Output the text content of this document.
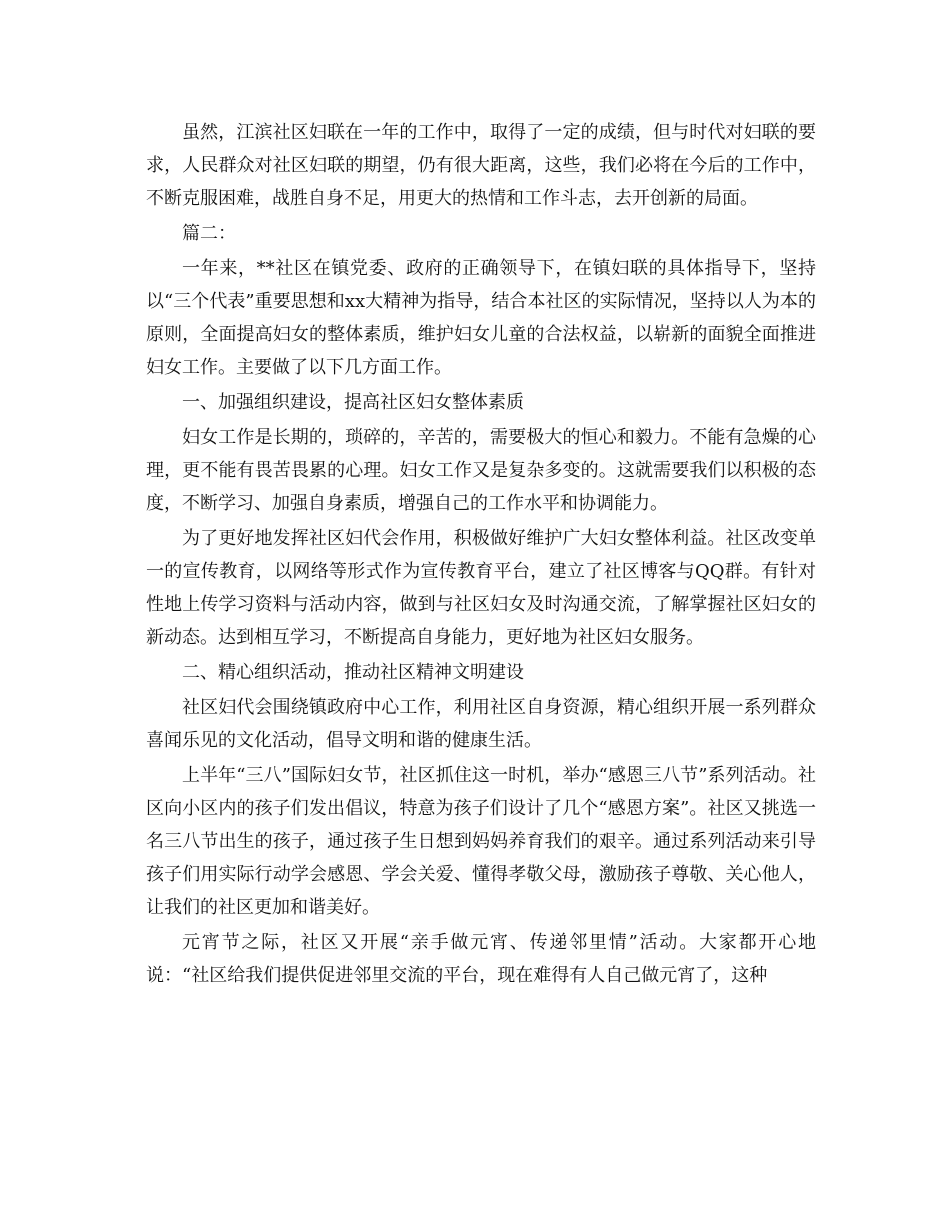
虽然，江滨社区妇联在一年的工作中，取得了一定的成绩，但与时代对妇联的要求，人民群众对社区妇联的期望，仍有很大距离，这些，我们必将在今后的工作中，不断克服困难，战胜自身不足，用更大的热情和工作斗志，去开创新的局面。

篇二：

一年来，**社区在镇党委、政府的正确领导下，在镇妇联的具体指导下，坚持以“三个代表”重要思想和xx大精神为指导，结合本社区的实际情况，坚持以人为本的原则，全面提高妇女的整体素质，维护妇女儿童的合法权益，以崭新的面貌全面推进妇女工作。主要做了以下几方面工作。

一、加强组织建设，提高社区妇女整体素质

妇女工作是长期的，琐碎的，辛苦的，需要极大的恒心和毅力。不能有急燥的心理，更不能有畏苦畏累的心理。妇女工作又是复杂多变的。这就需要我们以积极的态度，不断学习、加强自身素质，增强自己的工作水平和协调能力。

为了更好地发挥社区妇代会作用，积极做好维护广大妇女整体利益。社区改变单一的宣传教育，以网络等形式作为宣传教育平台，建立了社区博客与QQ群。有针对性地上传学习资料与活动内容，做到与社区妇女及时沟通交流，了解掌握社区妇女的新动态。达到相互学习，不断提高自身能力，更好地为社区妇女服务。

二、精心组织活动，推动社区精神文明建设

社区妇代会围绕镇政府中心工作，利用社区自身资源，精心组织开展一系列群众喜闻乐见的文化活动，倡导文明和谐的健康生活。

上半年“三八”国际妇女节，社区抓住这一时机，举办“感恩三八节”系列活动。社区向小区内的孩子们发出倡议，特意为孩子们设计了几个“感恩方案”。社区又挑选一名三八节出生的孩子，通过孩子生日想到妈妈养育我们的艰辛。通过系列活动来引导孩子们用实际行动学会感恩、学会关爱、懂得孝敬父母，激励孩子尊敬、关心他人，让我们的社区更加和谐美好。

元宵节之际，社区又开展“亲手做元宵、传递邻里情”活动。大家都开心地说：“社区给我们提供促进邻里交流的平台，现在难得有人自己做元宵了，这种
